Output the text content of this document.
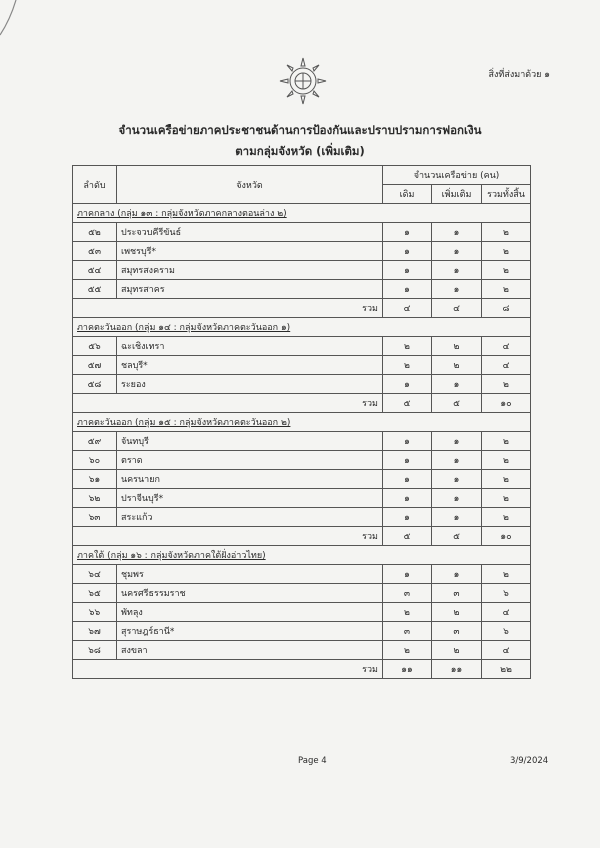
สิ่งที่ส่งมาด้วย ๑
จำนวนเครือข่ายภาคประชาชนด้านการป้องกันและปราบปรามการฟอกเงิน
ตามกลุ่มจังหวัด (เพิ่มเติม)
ลำดับ	จังหวัด	จำนวนเครือข่าย (คน)		
		เดิม	เพิ่มเติม	รวมทั้งสิ้น
ภาคกลาง (กลุ่ม ๑๓ : กลุ่มจังหวัดภาคกลางตอนล่าง ๒)				
๕๒	ประจวบคีรีขันธ์	๑	๑	๒
๕๓	เพชรบุรี*	๑	๑	๒
๕๔	สมุทรสงคราม	๑	๑	๒
๕๕	สมุทรสาคร	๑	๑	๒
รวม		๔	๔	๘
ภาคตะวันออก (กลุ่ม ๑๔ : กลุ่มจังหวัดภาคตะวันออก ๑)				
๕๖	ฉะเชิงเทรา	๒	๒	๔
๕๗	ชลบุรี*	๒	๒	๔
๕๘	ระยอง	๑	๑	๒
รวม		๕	๕	๑๐
ภาคตะวันออก (กลุ่ม ๑๕ : กลุ่มจังหวัดภาคตะวันออก ๒)				
๕๙	จันทบุรี	๑	๑	๒
๖๐	ตราด	๑	๑	๒
๖๑	นครนายก	๑	๑	๒
๖๒	ปราจีนบุรี*	๑	๑	๒
๖๓	สระแก้ว	๑	๑	๒
รวม		๕	๕	๑๐
ภาคใต้ (กลุ่ม ๑๖ : กลุ่มจังหวัดภาคใต้ฝั่งอ่าวไทย)				
๖๔	ชุมพร	๑	๑	๒
๖๕	นครศรีธรรมราช	๓	๓	๖
๖๖	พัทลุง	๒	๒	๔
๖๗	สุราษฎร์ธานี*	๓	๓	๖
๖๘	สงขลา	๒	๒	๔
รวม		๑๑	๑๑	๒๒
Page 4	3/9/2024
